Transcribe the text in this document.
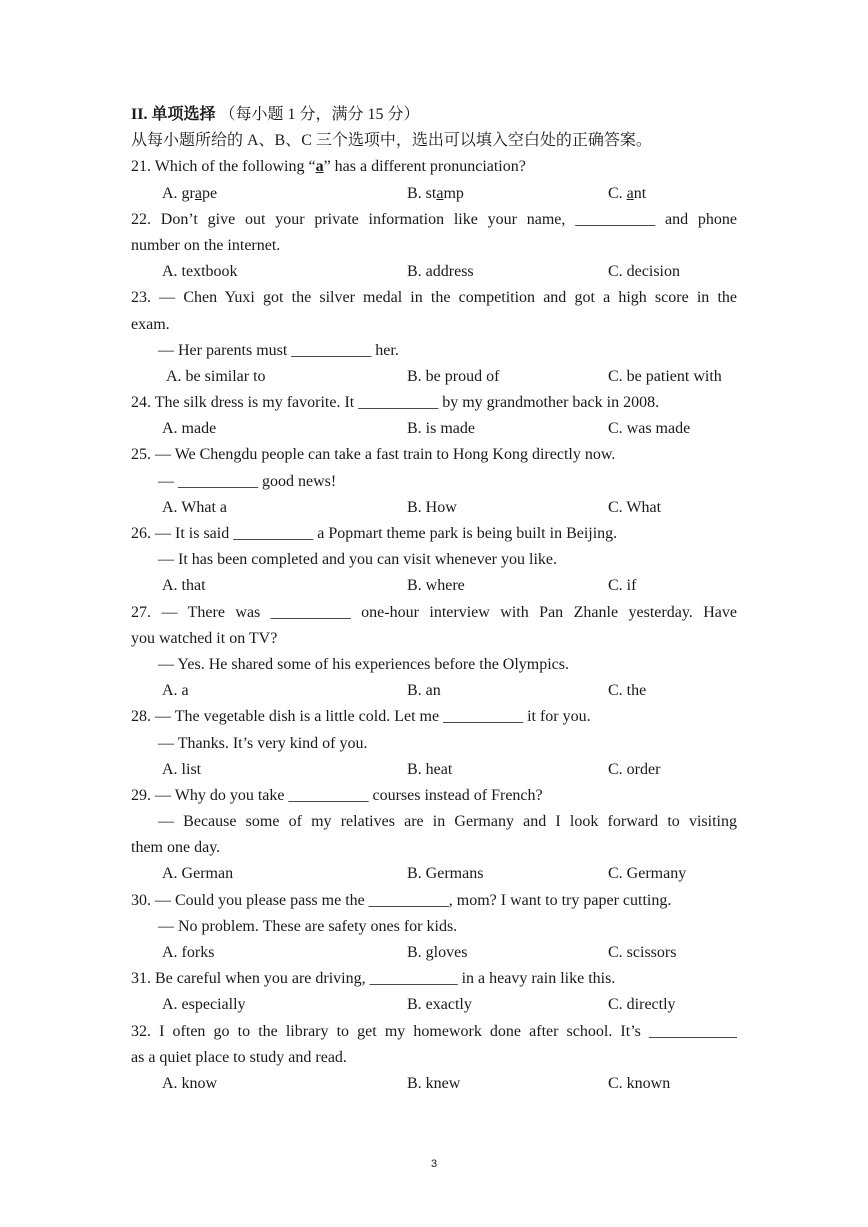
II. 单项选择 （每小题 1 分，满分 15 分）
从每小题所给的 A、B、C 三个选项中，选出可以填入空白处的正确答案。
21. Which of the following “a” has a different pronunciation?
A. grape	B. stamp	C. ant
22. Don’t give out your private information like your name, __________ and phone
number on the internet.
A. textbook	B. address	C. decision
23. — Chen Yuxi got the silver medal in the competition and got a high score in the
exam.
— Her parents must __________ her.
A. be similar to	B. be proud of	C. be patient with
24. The silk dress is my favorite. It __________ by my grandmother back in 2008.
A. made	B. is made	C. was made
25. — We Chengdu people can take a fast train to Hong Kong directly now.
— __________ good news!
A. What a	B. How	C. What
26. — It is said __________ a Popmart theme park is being built in Beijing.
— It has been completed and you can visit whenever you like.
A. that	B. where	C. if
27. — There was __________ one-hour interview with Pan Zhanle yesterday. Have
you watched it on TV?
— Yes. He shared some of his experiences before the Olympics.
A. a	B. an	C. the
28. — The vegetable dish is a little cold. Let me __________ it for you.
— Thanks. It’s very kind of you.
A. list	B. heat	C. order
29. — Why do you take __________ courses instead of French?
— Because some of my relatives are in Germany and I look forward to visiting
them one day.
A. German	B. Germans	C. Germany
30. — Could you please pass me the __________, mom? I want to try paper cutting.
— No problem. These are safety ones for kids.
A. forks	B. gloves	C. scissors
31. Be careful when you are driving, ___________ in a heavy rain like this.
A. especially	B. exactly	C. directly
32. I often go to the library to get my homework done after school. It’s ___________
as a quiet place to study and read.
A. know	B. knew	C. known
3
